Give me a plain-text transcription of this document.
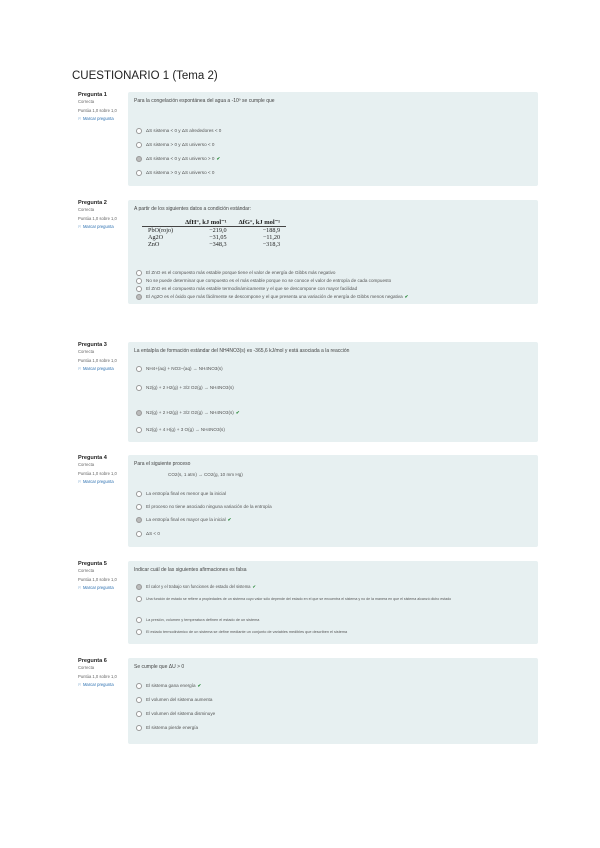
CUESTIONARIO 1 (Tema 2)
Pregunta 1
Correcta
Puntúa 1,0 sobre 1,0
⚐ Marcar pregunta
Para la congelación espontánea del agua a -10º se cumple que
ΔS sistema < 0 y ΔS alrededores < 0
ΔS sistema > 0 y ΔS universo < 0
ΔS sistema < 0 y ΔS universo > 0 ✔
ΔS sistema > 0 y ΔS universo < 0
Pregunta 2
Correcta
Puntúa 1,0 sobre 1,0
⚐ Marcar pregunta
A partir de los siguientes datos a condición estándar:
	ΔfH°, kJ mol⁻¹	ΔfG°, kJ mol⁻¹
PbO(rojo)	−219,0	−188,9
Ag2O	−31,05	−11,20
ZnO	−348,3	−318,3
El ZnO es el compuesto más estable porque tiene el valor de energía de Gibbs más negativo
No se puede determinar que compuesto es el más estable porque no se conoce el valor de entropía de cada compuesto
El ZnO es el compuesto más estable termodinámicamente y el que se descompone con mayor facilidad
El Ag2O es el óxido que más fácilmente se descompone y el que presenta una variación de energía de Gibbs menos negativa ✔
Pregunta 3
Correcta
Puntúa 1,0 sobre 1,0
⚐ Marcar pregunta
La entalpía de formación estándar del NH4NO3(s) es -365,6 kJ/mol y está asociada a la reacción
NH4+(aq) + NO3−(aq) → NH4NO3(s)
N2(g) + 2 H2(g) + 3/2 O2(g) → NH4NO3(s)
N2(g) + 2 H2(g) + 3/2 O2(g) → NH4NO3(s) ✔
N2(g) + 4 H(g) + 3 O(g) → NH4NO3(s)
Pregunta 4
Correcta
Puntúa 1,0 sobre 1,0
⚐ Marcar pregunta
Para el siguiente proceso
CO2(s, 1 atm) → CO2(g, 10 mm Hg)
La entropía final es menor que la inicial
El proceso no tiene asociado ninguna variación de la entropía
La entropía final es mayor que la inicial ✔
ΔS < 0
Pregunta 5
Correcta
Puntúa 1,0 sobre 1,0
⚐ Marcar pregunta
Indicar cuál de las siguientes afirmaciones es falsa
El calor y el trabajo son funciones de estado del sistema ✔
Una función de estado se refiere a propiedades de un sistema cuyo valor sólo depende del estado en el que se encuentra el sistema y no de la manera en que el sistema alcanzó dicho estado
La presión, volumen y temperatura definen el estado de un sistema
El estado termodinámico de un sistema se define mediante un conjunto de variables medibles que describen el sistema
Pregunta 6
Correcta
Puntúa 1,0 sobre 1,0
⚐ Marcar pregunta
Se cumple que ΔU > 0
El sistema gana energía ✔
El volumen del sistema aumenta
El volumen del sistema disminuye
El sistema pierde energía
